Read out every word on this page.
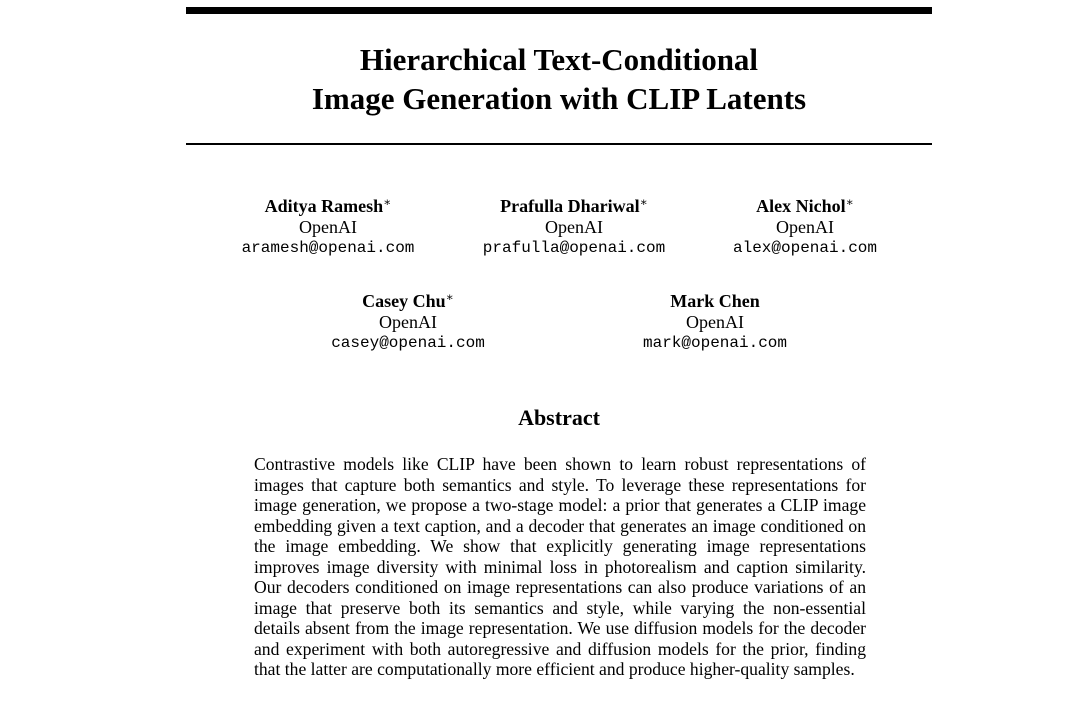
Hierarchical Text-Conditional
Image Generation with CLIP Latents
Aditya Ramesh∗
OpenAI
aramesh@openai.com
Prafulla Dhariwal∗
OpenAI
prafulla@openai.com
Alex Nichol∗
OpenAI
alex@openai.com
Casey Chu∗
OpenAI
casey@openai.com
Mark Chen
OpenAI
mark@openai.com
Abstract
Contrastive models like CLIP have been shown to learn robust representations of images that capture both semantics and style. To leverage these representations for image generation, we propose a two-stage model: a prior that generates a CLIP image embedding given a text caption, and a decoder that generates an image conditioned on the image embedding. We show that explicitly generating image representations improves image diversity with minimal loss in photorealism and caption similarity. Our decoders conditioned on image representations can also produce variations of an image that preserve both its semantics and style, while varying the non-essential details absent from the image representation. We use diffusion models for the decoder and experiment with both autoregressive and diffusion models for the prior, finding that the latter are computationally more efficient and produce higher-quality samples.
